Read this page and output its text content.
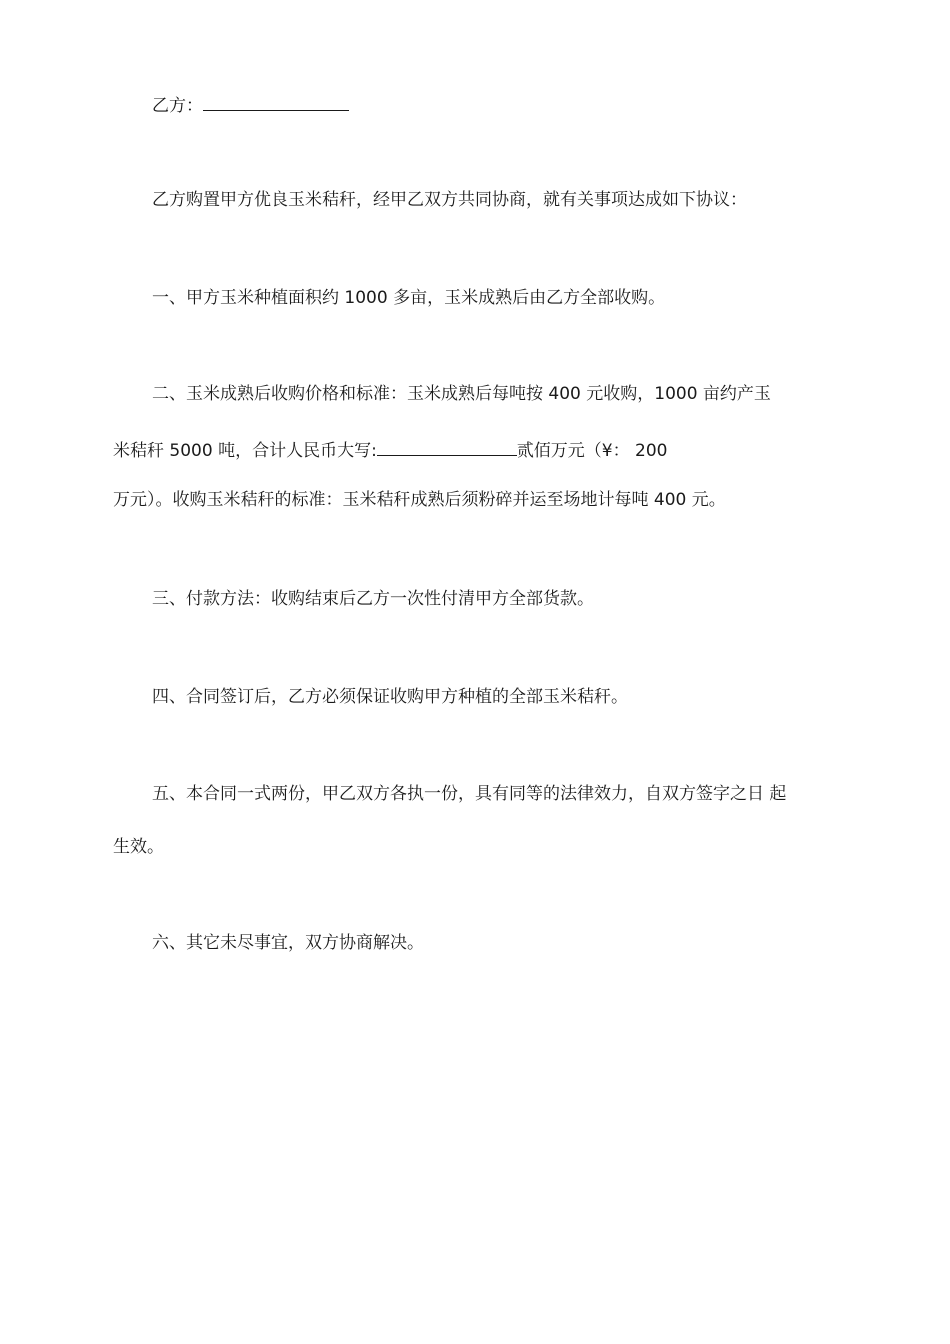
乙方：
乙方购置甲方优良玉米秸秆，经甲乙双方共同协商，就有关事项达成如下协议：
一、甲方玉米种植面积约 1000 多亩，玉米成熟后由乙方全部收购。
二、玉米成熟后收购价格和标准：玉米成熟后每吨按 400 元收购，1000 亩约产玉
米秸秆 5000 吨，合计人民币大写:	贰佰万元（¥： 200
万元）。收购玉米秸秆的标准：玉米秸秆成熟后须粉碎并运至场地计每吨 400 元。
三、付款方法：收购结束后乙方一次性付清甲方全部货款。
四、合同签订后，乙方必须保证收购甲方种植的全部玉米秸秆。
五、本合同一式两份，甲乙双方各执一份，具有同等的法律效力，自双方签字之日 起
生效。
六、其它未尽事宜，双方协商解决。
